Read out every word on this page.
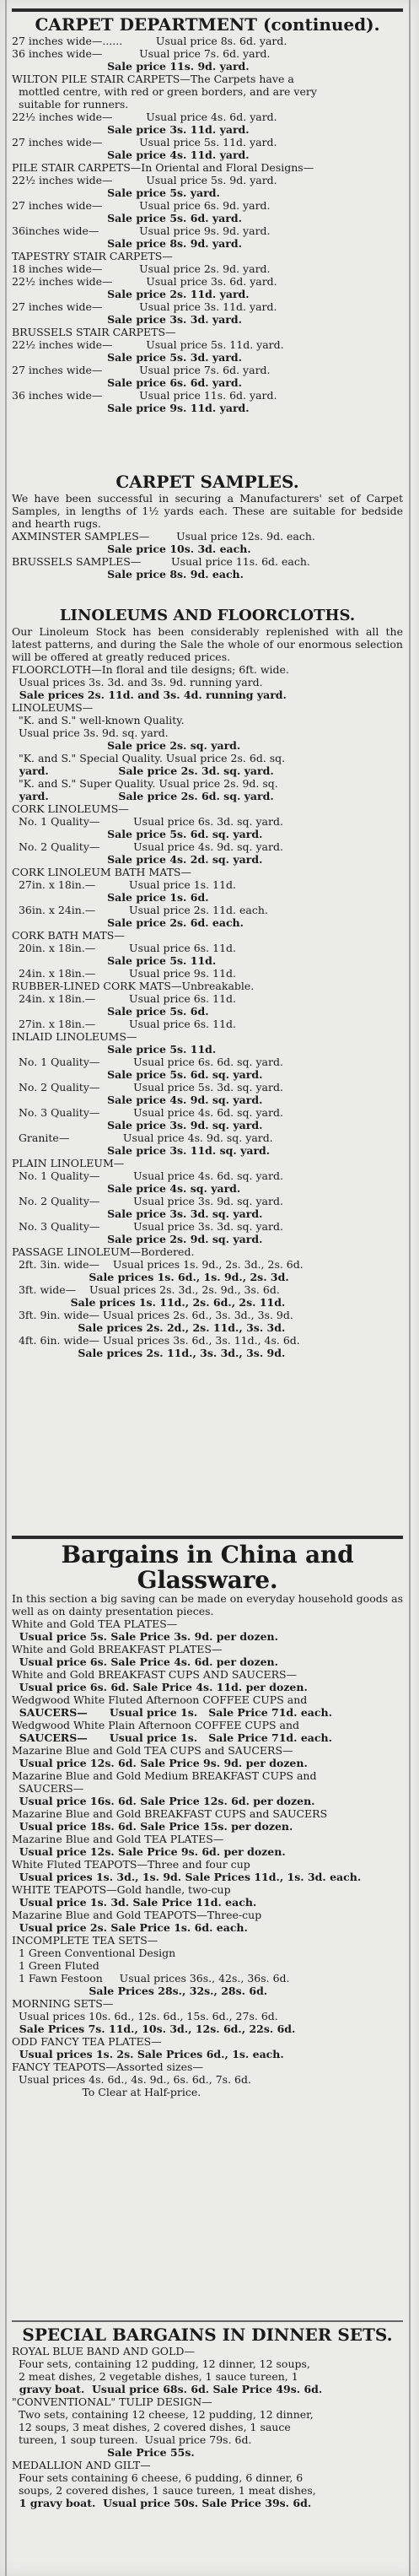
CARPET DEPARTMENT (continued).
27 inches wide—......          Usual price 8s. 6d. yard.
36 inches wide—           Usual price 7s. 6d. yard.
Sale price 11s. 9d. yard.
WILTON PILE STAIR CARPETS—The Carpets have a
mottled centre, with red or green borders, and are very
suitable for runners.
22½ inches wide—          Usual price 4s. 6d. yard.
Sale price 3s. 11d. yard.
27 inches wide—           Usual price 5s. 11d. yard.
Sale price 4s. 11d. yard.
PILE STAIR CARPETS—In Oriental and Floral Designs—
22½ inches wide—          Usual price 5s. 9d. yard.
Sale price 5s. yard.
27 inches wide—           Usual price 6s. 9d. yard.
Sale price 5s. 6d. yard.
36inches wide—            Usual price 9s. 9d. yard.
Sale price 8s. 9d. yard.
TAPESTRY STAIR CARPETS—
18 inches wide—           Usual price 2s. 9d. yard.
22½ inches wide—          Usual price 3s. 6d. yard.
Sale price 2s. 11d. yard.
27 inches wide—           Usual price 3s. 11d. yard.
Sale price 3s. 3d. yard.
BRUSSELS STAIR CARPETS—
22½ inches wide—          Usual price 5s. 11d. yard.
Sale price 5s. 3d. yard.
27 inches wide—           Usual price 7s. 6d. yard.
Sale price 6s. 6d. yard.
36 inches wide—           Usual price 11s. 6d. yard.
Sale price 9s. 11d. yard.
CARPET SAMPLES.
We have been successful in securing a Manufacturers' set of Carpet Samples, in lengths of 1½ yards each. These are suitable for bedside and hearth rugs.
AXMINSTER SAMPLES—        Usual price 12s. 9d. each.
Sale price 10s. 3d. each.
BRUSSELS SAMPLES—         Usual price 11s. 6d. each.
Sale price 8s. 9d. each.
LINOLEUMS AND FLOORCLOTHS.
Our Linoleum Stock has been considerably replenished with all the latest patterns, and during the Sale the whole of our enormous selection will be offered at greatly reduced prices.
FLOORCLOTH—In floral and tile designs; 6ft. wide.
Usual prices 3s. 3d. and 3s. 9d. running yard.
Sale prices 2s. 11d. and 3s. 4d. running yard.
LINOLEUMS—
"K. and S." well-known Quality.
Usual price 3s. 9d. sq. yard.
Sale price 2s. sq. yard.
"K. and S." Special Quality. Usual price 2s. 6d. sq.
yard.                   Sale price 2s. 3d. sq. yard.
"K. and S." Super Quality. Usual price 2s. 9d. sq.
yard.                   Sale price 2s. 6d. sq. yard.
CORK LINOLEUMS—
No. 1 Quality—          Usual price 6s. 3d. sq. yard.
Sale price 5s. 6d. sq. yard.
No. 2 Quality—          Usual price 4s. 9d. sq. yard.
Sale price 4s. 2d. sq. yard.
CORK LINOLEUM BATH MATS—
27in. x 18in.—          Usual price 1s. 11d.
Sale price 1s. 6d.
36in. x 24in.—          Usual price 2s. 11d. each.
Sale price 2s. 6d. each.
CORK BATH MATS—
20in. x 18in.—          Usual price 6s. 11d.
Sale price 5s. 11d.
24in. x 18in.—          Usual price 9s. 11d.
RUBBER-LINED CORK MATS—Unbreakable.
24in. x 18in.—          Usual price 6s. 11d.
Sale price 5s. 6d.
27in. x 18in.—          Usual price 6s. 11d.
INLAID LINOLEUMS—
Sale price 5s. 11d.
No. 1 Quality—          Usual price 6s. 6d. sq. yard.
Sale price 5s. 6d. sq. yard.
No. 2 Quality—          Usual price 5s. 3d. sq. yard.
Sale price 4s. 9d. sq. yard.
No. 3 Quality—          Usual price 4s. 6d. sq. yard.
Sale price 3s. 9d. sq. yard.
Granite—                Usual price 4s. 9d. sq. yard.
Sale price 3s. 11d. sq. yard.
PLAIN LINOLEUM—
No. 1 Quality—          Usual price 4s. 6d. sq. yard.
Sale price 4s. sq. yard.
No. 2 Quality—          Usual price 3s. 9d. sq. yard.
Sale price 3s. 3d. sq. yard.
No. 3 Quality—          Usual price 3s. 3d. sq. yard.
Sale price 2s. 9d. sq. yard.
PASSAGE LINOLEUM—Bordered.
2ft. 3in. wide—    Usual prices 1s. 9d., 2s. 3d., 2s. 6d.
Sale prices 1s. 6d., 1s. 9d., 2s. 3d.
3ft. wide—    Usual prices 2s. 3d., 2s. 9d., 3s. 6d.
Sale prices 1s. 11d., 2s. 6d., 2s. 11d.
3ft. 9in. wide— Usual prices 2s. 6d., 3s. 3d., 3s. 9d.
Sale prices 2s. 2d., 2s. 11d., 3s. 3d.
4ft. 6in. wide— Usual prices 3s. 6d., 3s. 11d., 4s. 6d.
Sale prices 2s. 11d., 3s. 3d., 3s. 9d.
Bargains in China and
Glassware.
In this section a big saving can be made on everyday household goods as well as on dainty presentation pieces.
White and Gold TEA PLATES—
Usual price 5s. Sale Price 3s. 9d. per dozen.
White and Gold BREAKFAST PLATES—
Usual price 6s. Sale Price 4s. 6d. per dozen.
White and Gold BREAKFAST CUPS AND SAUCERS—
Usual price 6s. 6d. Sale Price 4s. 11d. per dozen.
Wedgwood White Fluted Afternoon COFFEE CUPS and
SAUCERS—      Usual price 1s.   Sale Price 71d. each.
Wedgwood White Plain Afternoon COFFEE CUPS and
SAUCERS—      Usual price 1s.   Sale Price 71d. each.
Mazarine Blue and Gold TEA CUPS and SAUCERS—
Usual price 12s. 6d. Sale Price 9s. 9d. per dozen.
Mazarine Blue and Gold Medium BREAKFAST CUPS and
SAUCERS—
Usual price 16s. 6d. Sale Price 12s. 6d. per dozen.
Mazarine Blue and Gold BREAKFAST CUPS and SAUCERS
Usual price 18s. 6d. Sale Price 15s. per dozen.
Mazarine Blue and Gold TEA PLATES—
Usual price 12s. Sale Price 9s. 6d. per dozen.
White Fluted TEAPOTS—Three and four cup
Usual prices 1s. 3d., 1s. 9d. Sale Prices 11d., 1s. 3d. each.
WHITE TEAPOTS—Gold handle, two-cup
Usual price 1s. 3d. Sale Price 11d. each.
Mazarine Blue and Gold TEAPOTS—Three-cup
Usual price 2s. Sale Price 1s. 6d. each.
INCOMPLETE TEA SETS—
1 Green Conventional Design
1 Green Fluted
1 Fawn Festoon     Usual prices 36s., 42s., 36s. 6d.
Sale Prices 28s., 32s., 28s. 6d.
MORNING SETS—
Usual prices 10s. 6d., 12s. 6d., 15s. 6d., 27s. 6d.
Sale Prices 7s. 11d., 10s. 3d., 12s. 6d., 22s. 6d.
ODD FANCY TEA PLATES—
Usual prices 1s. 2s. Sale Prices 6d., 1s. each.
FANCY TEAPOTS—Assorted sizes—
Usual prices 4s. 6d., 4s. 9d., 6s. 6d., 7s. 6d.
To Clear at Half-price.
SPECIAL BARGAINS IN DINNER SETS.
ROYAL BLUE BAND AND GOLD—
Four sets, containing 12 pudding, 12 dinner, 12 soups,
2 meat dishes, 2 vegetable dishes, 1 sauce tureen, 1
gravy boat.  Usual price 68s. 6d. Sale Price 49s. 6d.
"CONVENTIONAL" TULIP DESIGN—
Two sets, containing 12 cheese, 12 pudding, 12 dinner,
12 soups, 3 meat dishes, 2 covered dishes, 1 sauce
tureen, 1 soup tureen.  Usual price 79s. 6d.
Sale Price 55s.
MEDALLION AND GILT—
Four sets containing 6 cheese, 6 pudding, 6 dinner, 6
soups, 2 covered dishes, 1 sauce tureen, 1 meat dishes,
1 gravy boat.  Usual price 50s. Sale Price 39s. 6d.
